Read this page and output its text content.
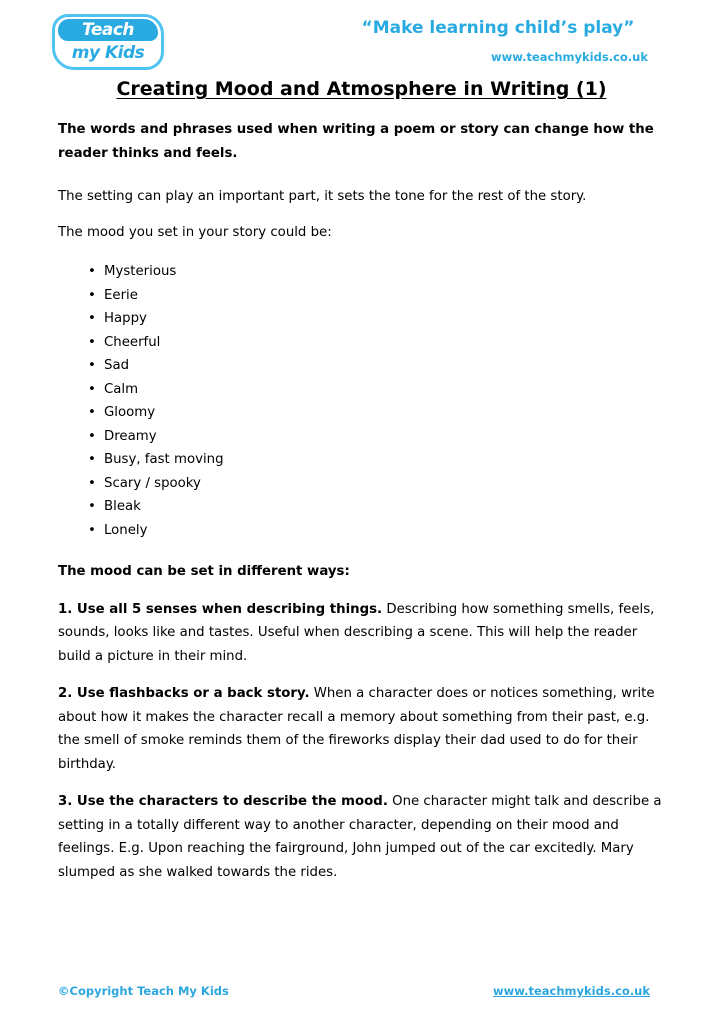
Teach
my Kids
“Make learning child’s play”
www.teachmykids.co.uk
Creating Mood and Atmosphere in Writing (1)

The words and phrases used when writing a poem or story can change how the reader thinks and feels.

The setting can play an important part, it sets the tone for the rest of the story.

The mood you set in your story could be:

• Mysterious
• Eerie
• Happy
• Cheerful
• Sad
• Calm
• Gloomy
• Dreamy
• Busy, fast moving
• Scary / spooky
• Bleak
• Lonely

The mood can be set in different ways:

1. Use all 5 senses when describing things. Describing how something smells, feels, sounds, looks like and tastes. Useful when describing a scene. This will help the reader build a picture in their mind.

2. Use flashbacks or a back story. When a character does or notices something, write about how it makes the character recall a memory about something from their past, e.g. the smell of smoke reminds them of the fireworks display their dad used to do for their birthday.

3. Use the characters to describe the mood. One character might talk and describe a setting in a totally different way to another character, depending on their mood and feelings. E.g. Upon reaching the fairground, John jumped out of the car excitedly. Mary slumped as she walked towards the rides.

©Copyright Teach My Kids	www.teachmykids.co.uk
